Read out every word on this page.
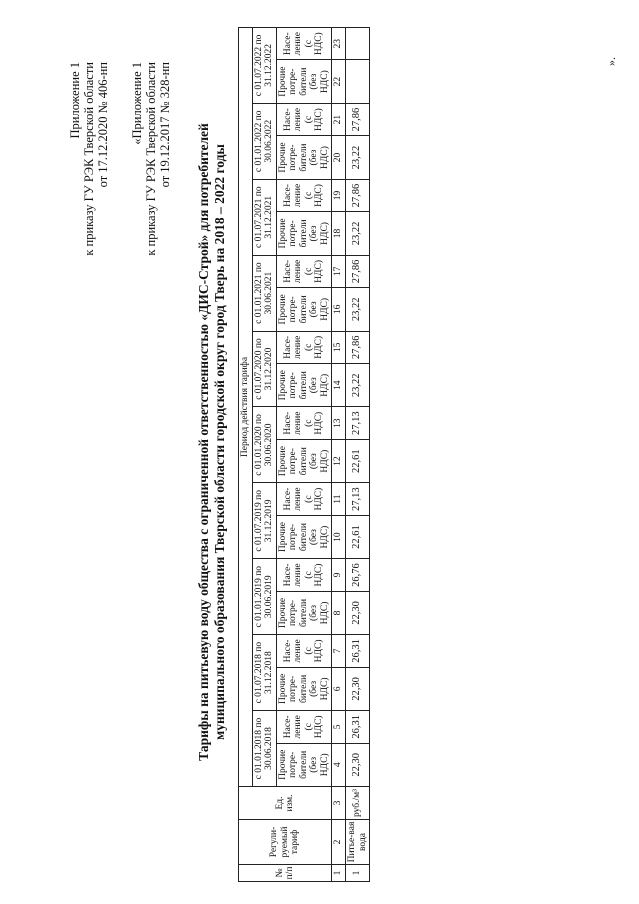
Приложение 1 к приказу ГУ РЭК Тверской области от 17.12.2020 № 406-нп «Приложение 1 к приказу ГУ РЭК Тверской области от 19.12.2017 № 328-нп Тарифы на питьевую воду общества с ограниченной ответственностью «ДИС-Строй» для потребителей муниципального образования Тверской области городской округ город Тверь на 2018 – 2022 годы
№ п/п	Регули-руемый тариф	Ед. изм.	Период действия тарифа																			
			с 01.01.2018 по 30.06.2018		с 01.07.2018 по 31.12.2018		с 01.01.2019 по 30.06.2019		с 01.07.2019 по 31.12.2019		с 01.01.2020 по 30.06.2020		с 01.07.2020 по 31.12.2020		с 01.01.2021 по 30.06.2021		с 01.07.2021 по 31.12.2021		с 01.01.2022 по 30.06.2022		с 01.07.2022 по 31.12.2022	
			Прочие потре-бители (без НДС)	Насе-ление (с НДС)	Прочие потре-бители (без НДС)	Насе-ление (с НДС)	Прочие потре-бители (без НДС)	Насе-ление (с НДС)	Прочие потре-бители (без НДС)	Насе-ление (с НДС)	Прочие потре-бители (без НДС)	Насе-ление (с НДС)	Прочие потре-бители (без НДС)	Насе-ление (с НДС)	Прочие потре-бители (без НДС)	Насе-ление (с НДС)	Прочие потре-бители (без НДС)	Насе-ление (с НДС)	Прочие потре-бители (без НДС)	Насе-ление (с НДС)	Прочие потре-бители (без НДС)	Насе-ление (с НДС)
1	2	3	4	5	6	7	8	9	10	11	12	13	14	15	16	17	18	19	20	21	22	23
1	Питье-вая вода	руб./м³	22,30	26,31	22,30	26,31	22,30	26,76	22,61	27,13	22,61	27,13	23,22	27,86	23,22	27,86	23,22	27,86	23,22	27,86		
».
